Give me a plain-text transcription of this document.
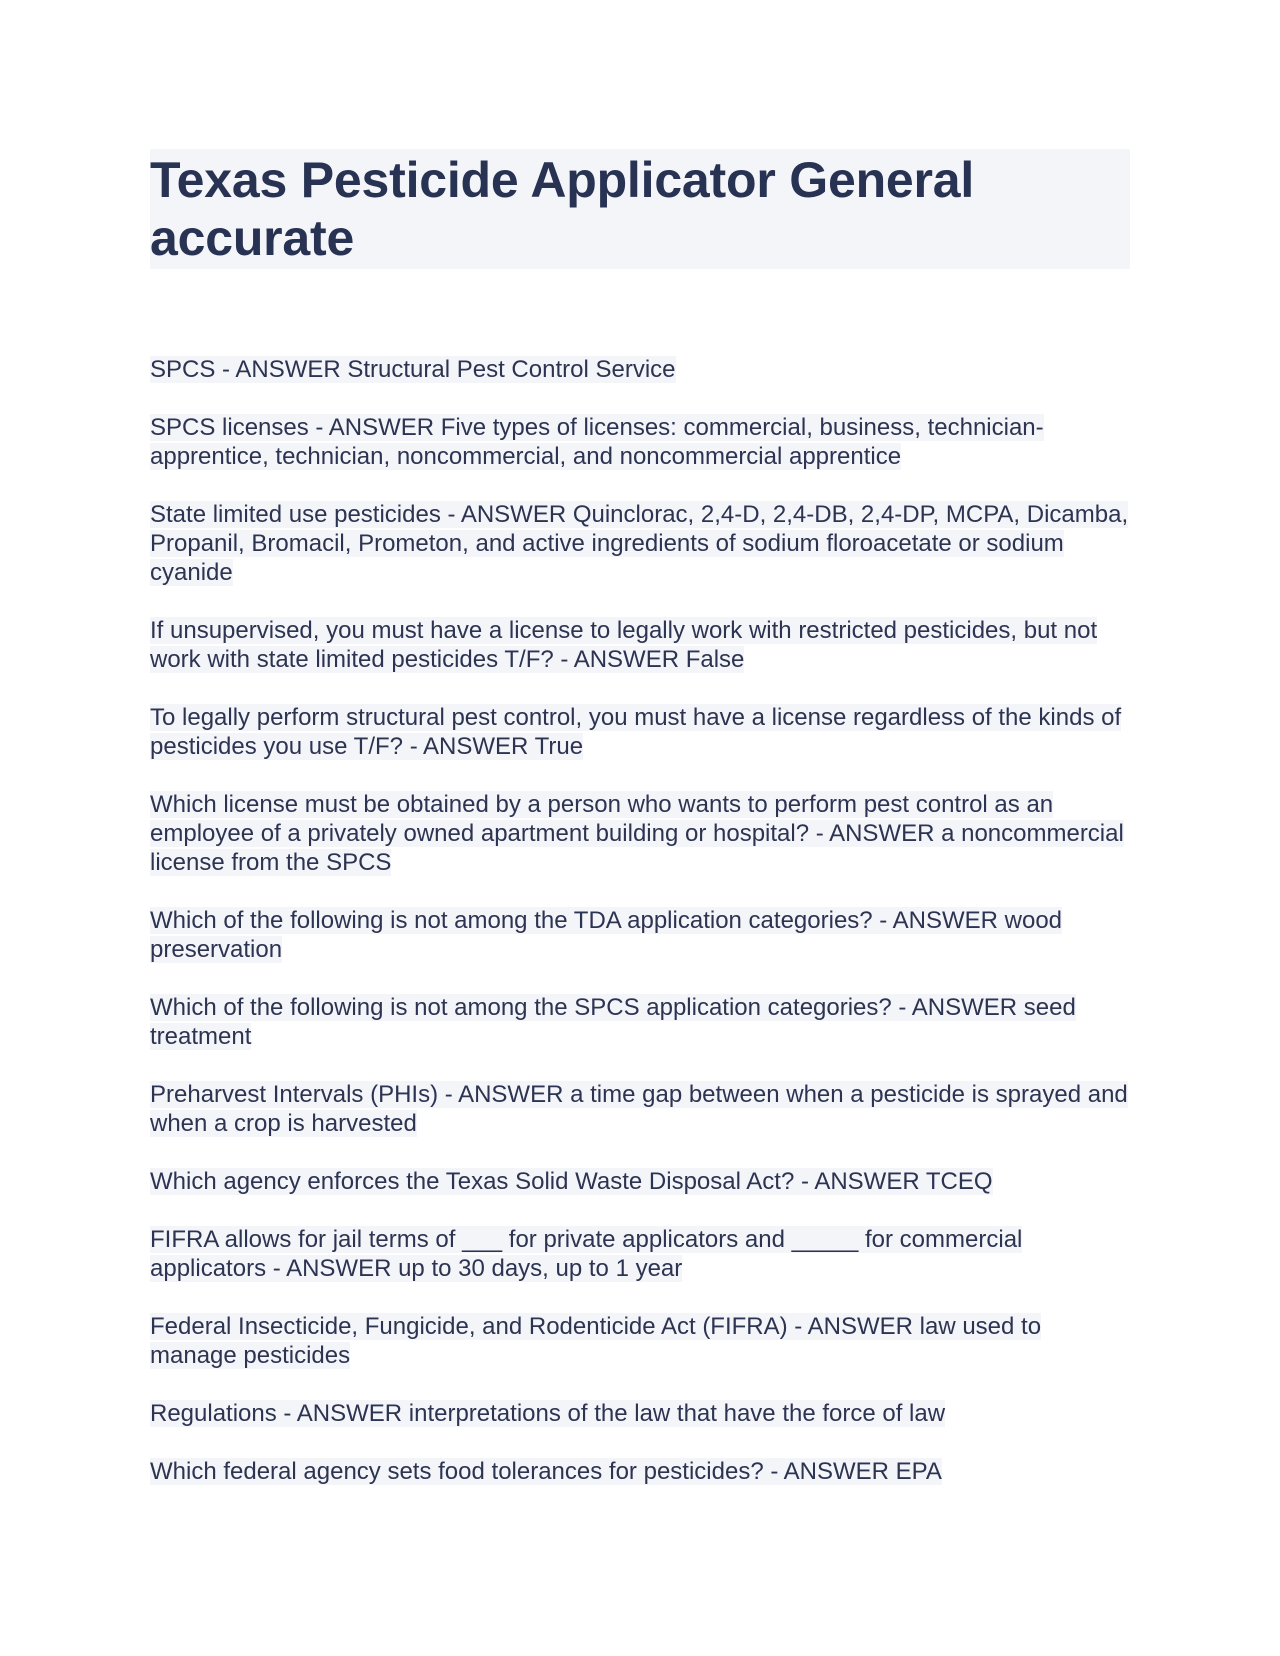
Texas Pesticide Applicator General accurate

SPCS - ANSWER Structural Pest Control Service

SPCS licenses - ANSWER Five types of licenses: commercial, business, technician-apprentice, technician, noncommercial, and noncommercial apprentice

State limited use pesticides - ANSWER Quinclorac, 2,4-D, 2,4-DB, 2,4-DP, MCPA, Dicamba, Propanil, Bromacil, Prometon, and active ingredients of sodium floroacetate or sodium cyanide

If unsupervised, you must have a license to legally work with restricted pesticides, but not work with state limited pesticides T/F? - ANSWER False

To legally perform structural pest control, you must have a license regardless of the kinds of pesticides you use T/F? - ANSWER True

Which license must be obtained by a person who wants to perform pest control as an employee of a privately owned apartment building or hospital? - ANSWER a noncommercial license from the SPCS

Which of the following is not among the TDA application categories? - ANSWER wood preservation

Which of the following is not among the SPCS application categories? - ANSWER seed treatment

Preharvest Intervals (PHIs) - ANSWER a time gap between when a pesticide is sprayed and when a crop is harvested

Which agency enforces the Texas Solid Waste Disposal Act? - ANSWER TCEQ

FIFRA allows for jail terms of ___ for private applicators and _____ for commercial applicators - ANSWER up to 30 days, up to 1 year

Federal Insecticide, Fungicide, and Rodenticide Act (FIFRA) - ANSWER law used to manage pesticides

Regulations - ANSWER interpretations of the law that have the force of law

Which federal agency sets food tolerances for pesticides? - ANSWER EPA
